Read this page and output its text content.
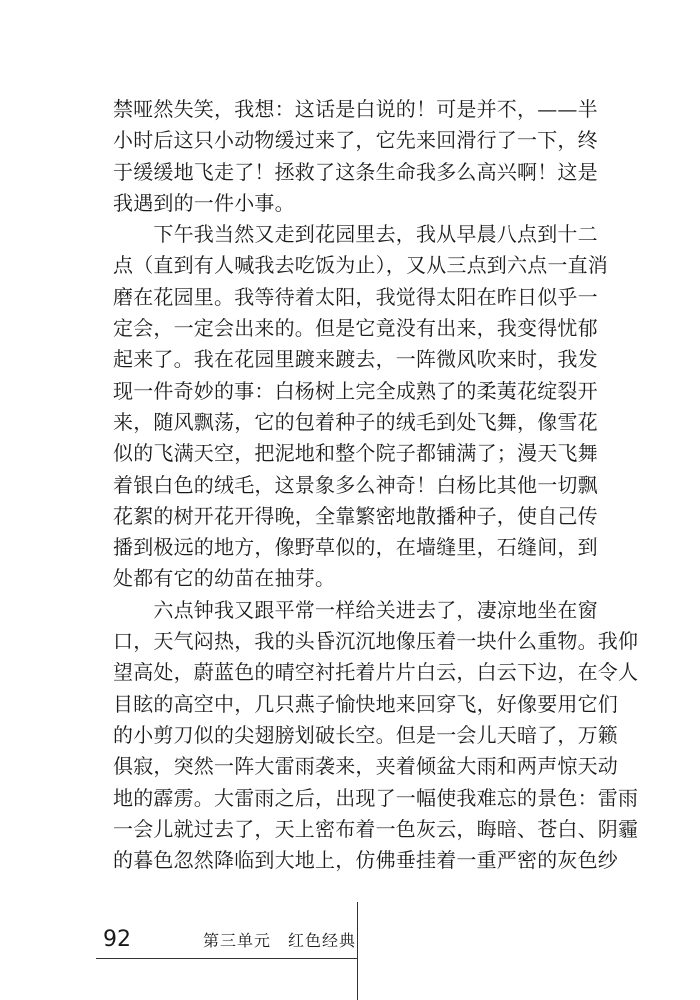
禁哑然失笑，我想：这话是白说的！可是并不，——半
小时后这只小动物缓过来了，它先来回滑行了一下，终
于缓缓地飞走了！拯救了这条生命我多么高兴啊！这是
我遇到的一件小事。
　　下午我当然又走到花园里去，我从早晨八点到十二
点（直到有人喊我去吃饭为止），又从三点到六点一直消
磨在花园里。我等待着太阳，我觉得太阳在昨日似乎一
定会，一定会出来的。但是它竟没有出来，我变得忧郁
起来了。我在花园里踱来踱去，一阵微风吹来时，我发
现一件奇妙的事：白杨树上完全成熟了的柔荑花绽裂开
来，随风飘荡，它的包着种子的绒毛到处飞舞，像雪花
似的飞满天空，把泥地和整个院子都铺满了；漫天飞舞
着银白色的绒毛，这景象多么神奇！白杨比其他一切飘
花絮的树开花开得晚，全靠繁密地散播种子，使自己传
播到极远的地方，像野草似的，在墙缝里，石缝间，到
处都有它的幼苗在抽芽。
　　六点钟我又跟平常一样给关进去了，凄凉地坐在窗
口，天气闷热，我的头昏沉沉地像压着一块什么重物。我仰
望高处，蔚蓝色的晴空衬托着片片白云，白云下边，在令人
目眩的高空中，几只燕子愉快地来回穿飞，好像要用它们
的小剪刀似的尖翅膀划破长空。但是一会儿天暗了，万籁
俱寂，突然一阵大雷雨袭来，夹着倾盆大雨和两声惊天动
地的霹雳。大雷雨之后，出现了一幅使我难忘的景色：雷雨
一会儿就过去了，天上密布着一色灰云，晦暗、苍白、阴霾
的暮色忽然降临到大地上，仿佛垂挂着一重严密的灰色纱
92	第三单元　红色经典
